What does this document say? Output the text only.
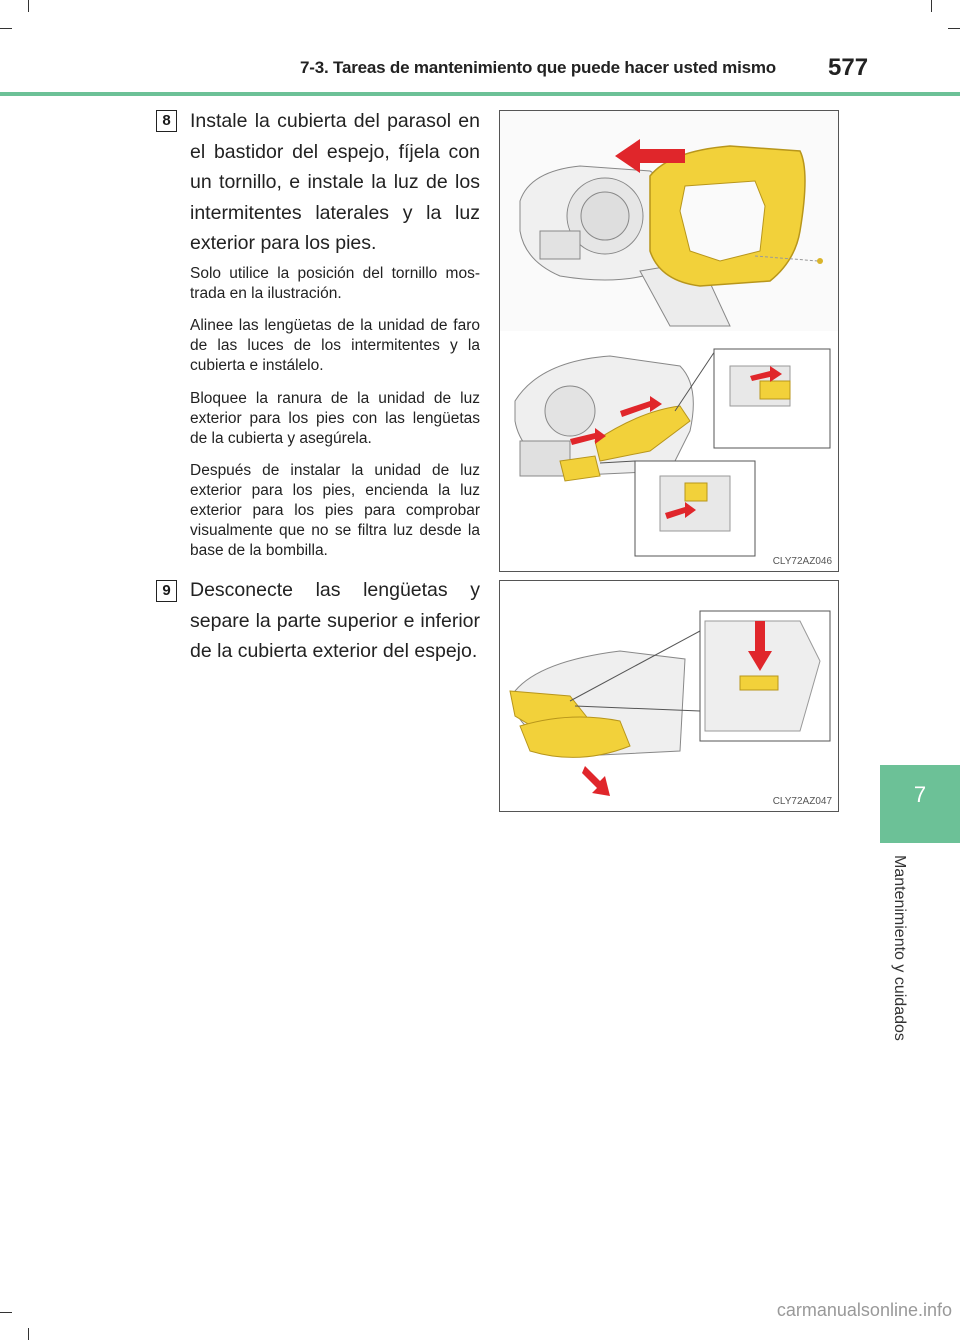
7-3. Tareas de mantenimiento que puede hacer usted mismo 577
7
Mantenimiento y cuidados
8 Instale la cubierta del parasol en el bastidor del espejo, fíjela con un tornillo, e instale la luz de los intermitentes laterales y la luz exterior para los pies.
Solo utilice la posición del tornillo mos-trada en la ilustración.
Alinee las lengüetas de la unidad de faro de las luces de los intermitentes y la cubierta e instálelo.
Bloquee la ranura de la unidad de luz exterior para los pies con las lengüetas de la cubierta y asegúrela.
Después de instalar la unidad de luz exterior para los pies, encienda la luz exterior para los pies para comprobar visualmente que no se filtra luz desde la base de la bombilla.
CLY72AZ046
9 Desconecte las lengüetas y separe la parte superior e inferior de la cubierta exterior del espejo.
CLY72AZ047
carmanualsonline.info
